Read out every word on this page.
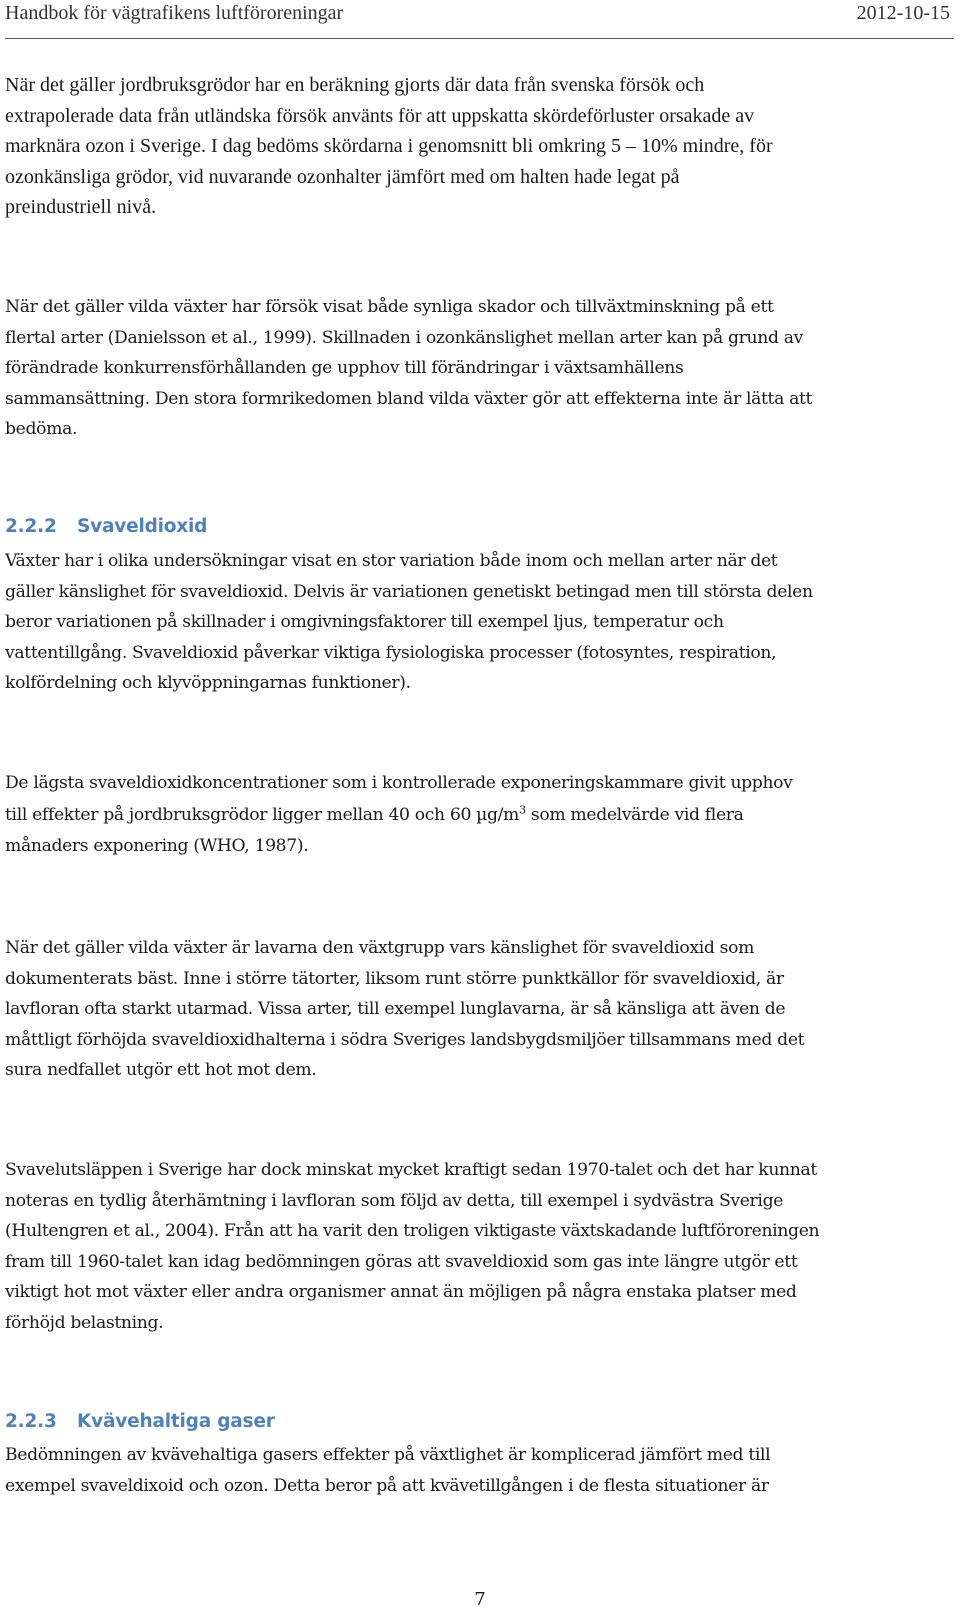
Handbok för vägtrafikens luftföroreningar	2012-10-15
När det gäller jordbruksgrödor har en beräkning gjorts där data från svenska försök och
extrapolerade data från utländska försök använts för att uppskatta skördeförluster orsakade av
marknära ozon i Sverige. I dag bedöms skördarna i genomsnitt bli omkring 5 – 10% mindre, för
ozonkänsliga grödor, vid nuvarande ozonhalter jämfört med om halten hade legat på
preindustriell nivå.
När det gäller vilda växter har försök visat både synliga skador och tillväxtminskning på ett
flertal arter (Danielsson et al., 1999). Skillnaden i ozonkänslighet mellan arter kan på grund av
förändrade konkurrensförhållanden ge upphov till förändringar i växtsamhällens
sammansättning. Den stora formrikedomen bland vilda växter gör att effekterna inte är lätta att
bedöma.
2.2.2 Svaveldioxid
Växter har i olika undersökningar visat en stor variation både inom och mellan arter när det
gäller känslighet för svaveldioxid. Delvis är variationen genetiskt betingad men till största delen
beror variationen på skillnader i omgivningsfaktorer till exempel ljus, temperatur och
vattentillgång. Svaveldioxid påverkar viktiga fysiologiska processer (fotosyntes, respiration,
kolfördelning och klyvöppningarnas funktioner).
De lägsta svaveldioxidkoncentrationer som i kontrollerade exponeringskammare givit upphov
till effekter på jordbruksgrödor ligger mellan 40 och 60 $\mu g/m^3$ som medelvärde vid flera
månaders exponering (WHO, 1987).
När det gäller vilda växter är lavarna den växtgrupp vars känslighet för svaveldioxid som
dokumenterats bäst. Inne i större tätorter, liksom runt större punktkällor för svaveldioxid, är
lavfloran ofta starkt utarmad. Vissa arter, till exempel lunglavarna, är så känsliga att även de
måttligt förhöjda svaveldioxidhalterna i södra Sveriges landsbygdsmiljöer tillsammans med det
sura nedfallet utgör ett hot mot dem.
Svavelutsläppen i Sverige har dock minskat mycket kraftigt sedan 1970-talet och det har kunnat
noteras en tydlig återhämtning i lavfloran som följd av detta, till exempel i sydvästra Sverige
(Hultengren et al., 2004). Från att ha varit den troligen viktigaste växtskadande luftföroreningen
fram till 1960-talet kan idag bedömningen göras att svaveldioxid som gas inte längre utgör ett
viktigt hot mot växter eller andra organismer annat än möjligen på några enstaka platser med
förhöjd belastning.
2.2.3 Kvävehaltiga gaser
Bedömningen av kvävehaltiga gasers effekter på växtlighet är komplicerad jämfört med till
exempel svaveldixoid och ozon. Detta beror på att kvävetillgången i de flesta situationer är
7
